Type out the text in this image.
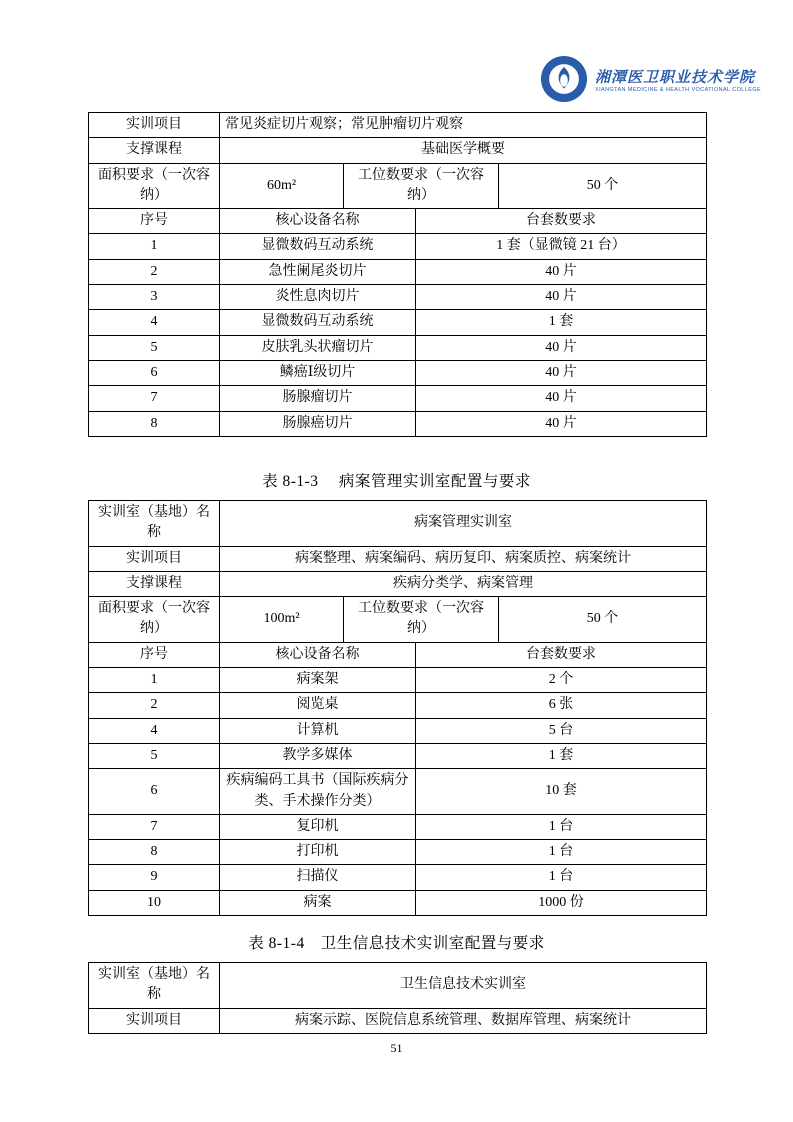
湘潭医卫职业技术学院
XIANGTAN MEDICINE & HEALTH VOCATIONAL COLLEGE
实训项目	常见炎症切片观察；常见肿瘤切片观察			
支撑课程	基础医学概要			
面积要求（一次容纳）	60m²	工位数要求（一次容纳）		50 个
序号	核心设备名称		台套数要求	
1	显微数码互动系统		1 套（显微镜 21 台）	
2	急性阑尾炎切片		40 片	
3	炎性息肉切片		40 片	
4	显微数码互动系统		1 套	
5	皮肤乳头状瘤切片		40 片	
6	鳞癌Ⅰ级切片		40 片	
7	肠腺瘤切片		40 片	
8	肠腺癌切片		40 片	
表 8-1-3　 病案管理实训室配置与要求
实训室（基地）名称	病案管理实训室			
实训项目	病案整理、病案编码、病历复印、病案质控、病案统计			
支撑课程	疾病分类学、病案管理			
面积要求（一次容纳）	100m²	工位数要求（一次容纳）		50 个
序号	核心设备名称		台套数要求	
1	病案架		2 个	
2	阅览桌		6 张	
4	计算机		5 台	
5	教学多媒体		1 套	
6	疾病编码工具书（国际疾病分类、手术操作分类）		10 套	
7	复印机		1 台	
8	打印机		1 台	
9	扫描仪		1 台	
10	病案		1000 份	
表 8-1-4　卫生信息技术实训室配置与要求
实训室（基地）名称	卫生信息技术实训室
实训项目	病案示踪、医院信息系统管理、数据库管理、病案统计
51
